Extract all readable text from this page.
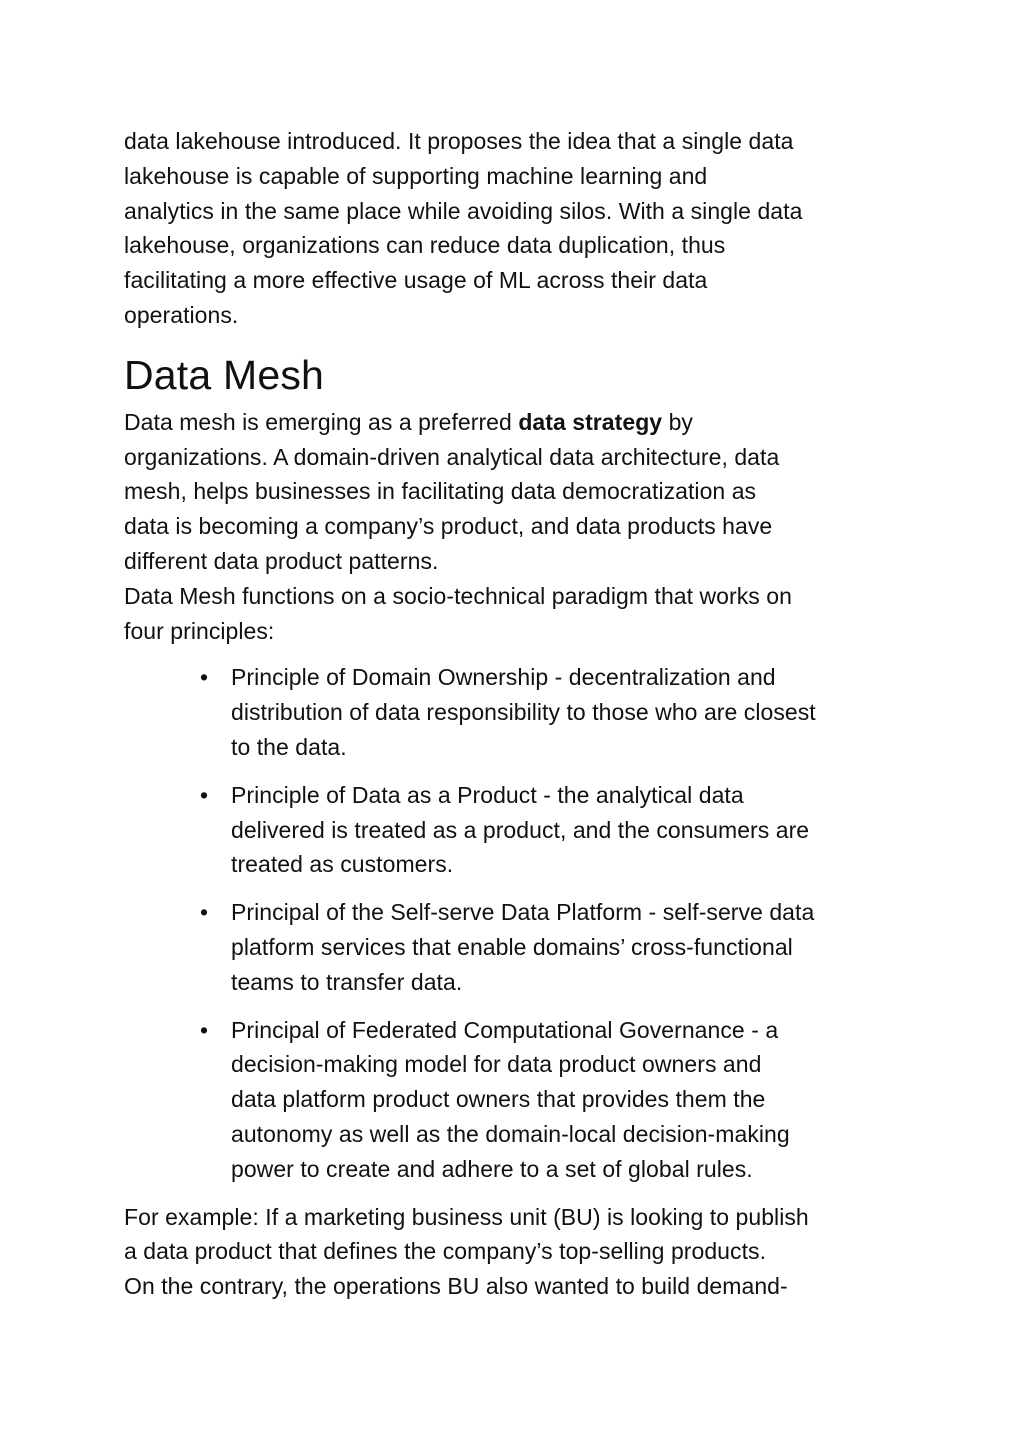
data lakehouse introduced. It proposes the idea that a single data

lakehouse is capable of supporting machine learning and

analytics in the same place while avoiding silos. With a single data

lakehouse, organizations can reduce data duplication, thus

facilitating a more effective usage of ML across their data

operations.

Data Mesh

Data mesh is emerging as a preferred data strategy by

organizations. A domain-driven analytical data architecture, data

mesh, helps businesses in facilitating data democratization as

data is becoming a company’s product, and data products have

different data product patterns.

Data Mesh functions on a socio-technical paradigm that works on

four principles:

• Principle of Domain Ownership - decentralization and

distribution of data responsibility to those who are closest

to the data.

• Principle of Data as a Product - the analytical data

delivered is treated as a product, and the consumers are

treated as customers.

• Principal of the Self-serve Data Platform - self-serve data

platform services that enable domains’ cross-functional

teams to transfer data.

• Principal of Federated Computational Governance - a

decision-making model for data product owners and

data platform product owners that provides them the

autonomy as well as the domain-local decision-making

power to create and adhere to a set of global rules.

For example: If a marketing business unit (BU) is looking to publish

a data product that defines the company’s top-selling products.

On the contrary, the operations BU also wanted to build demand-
